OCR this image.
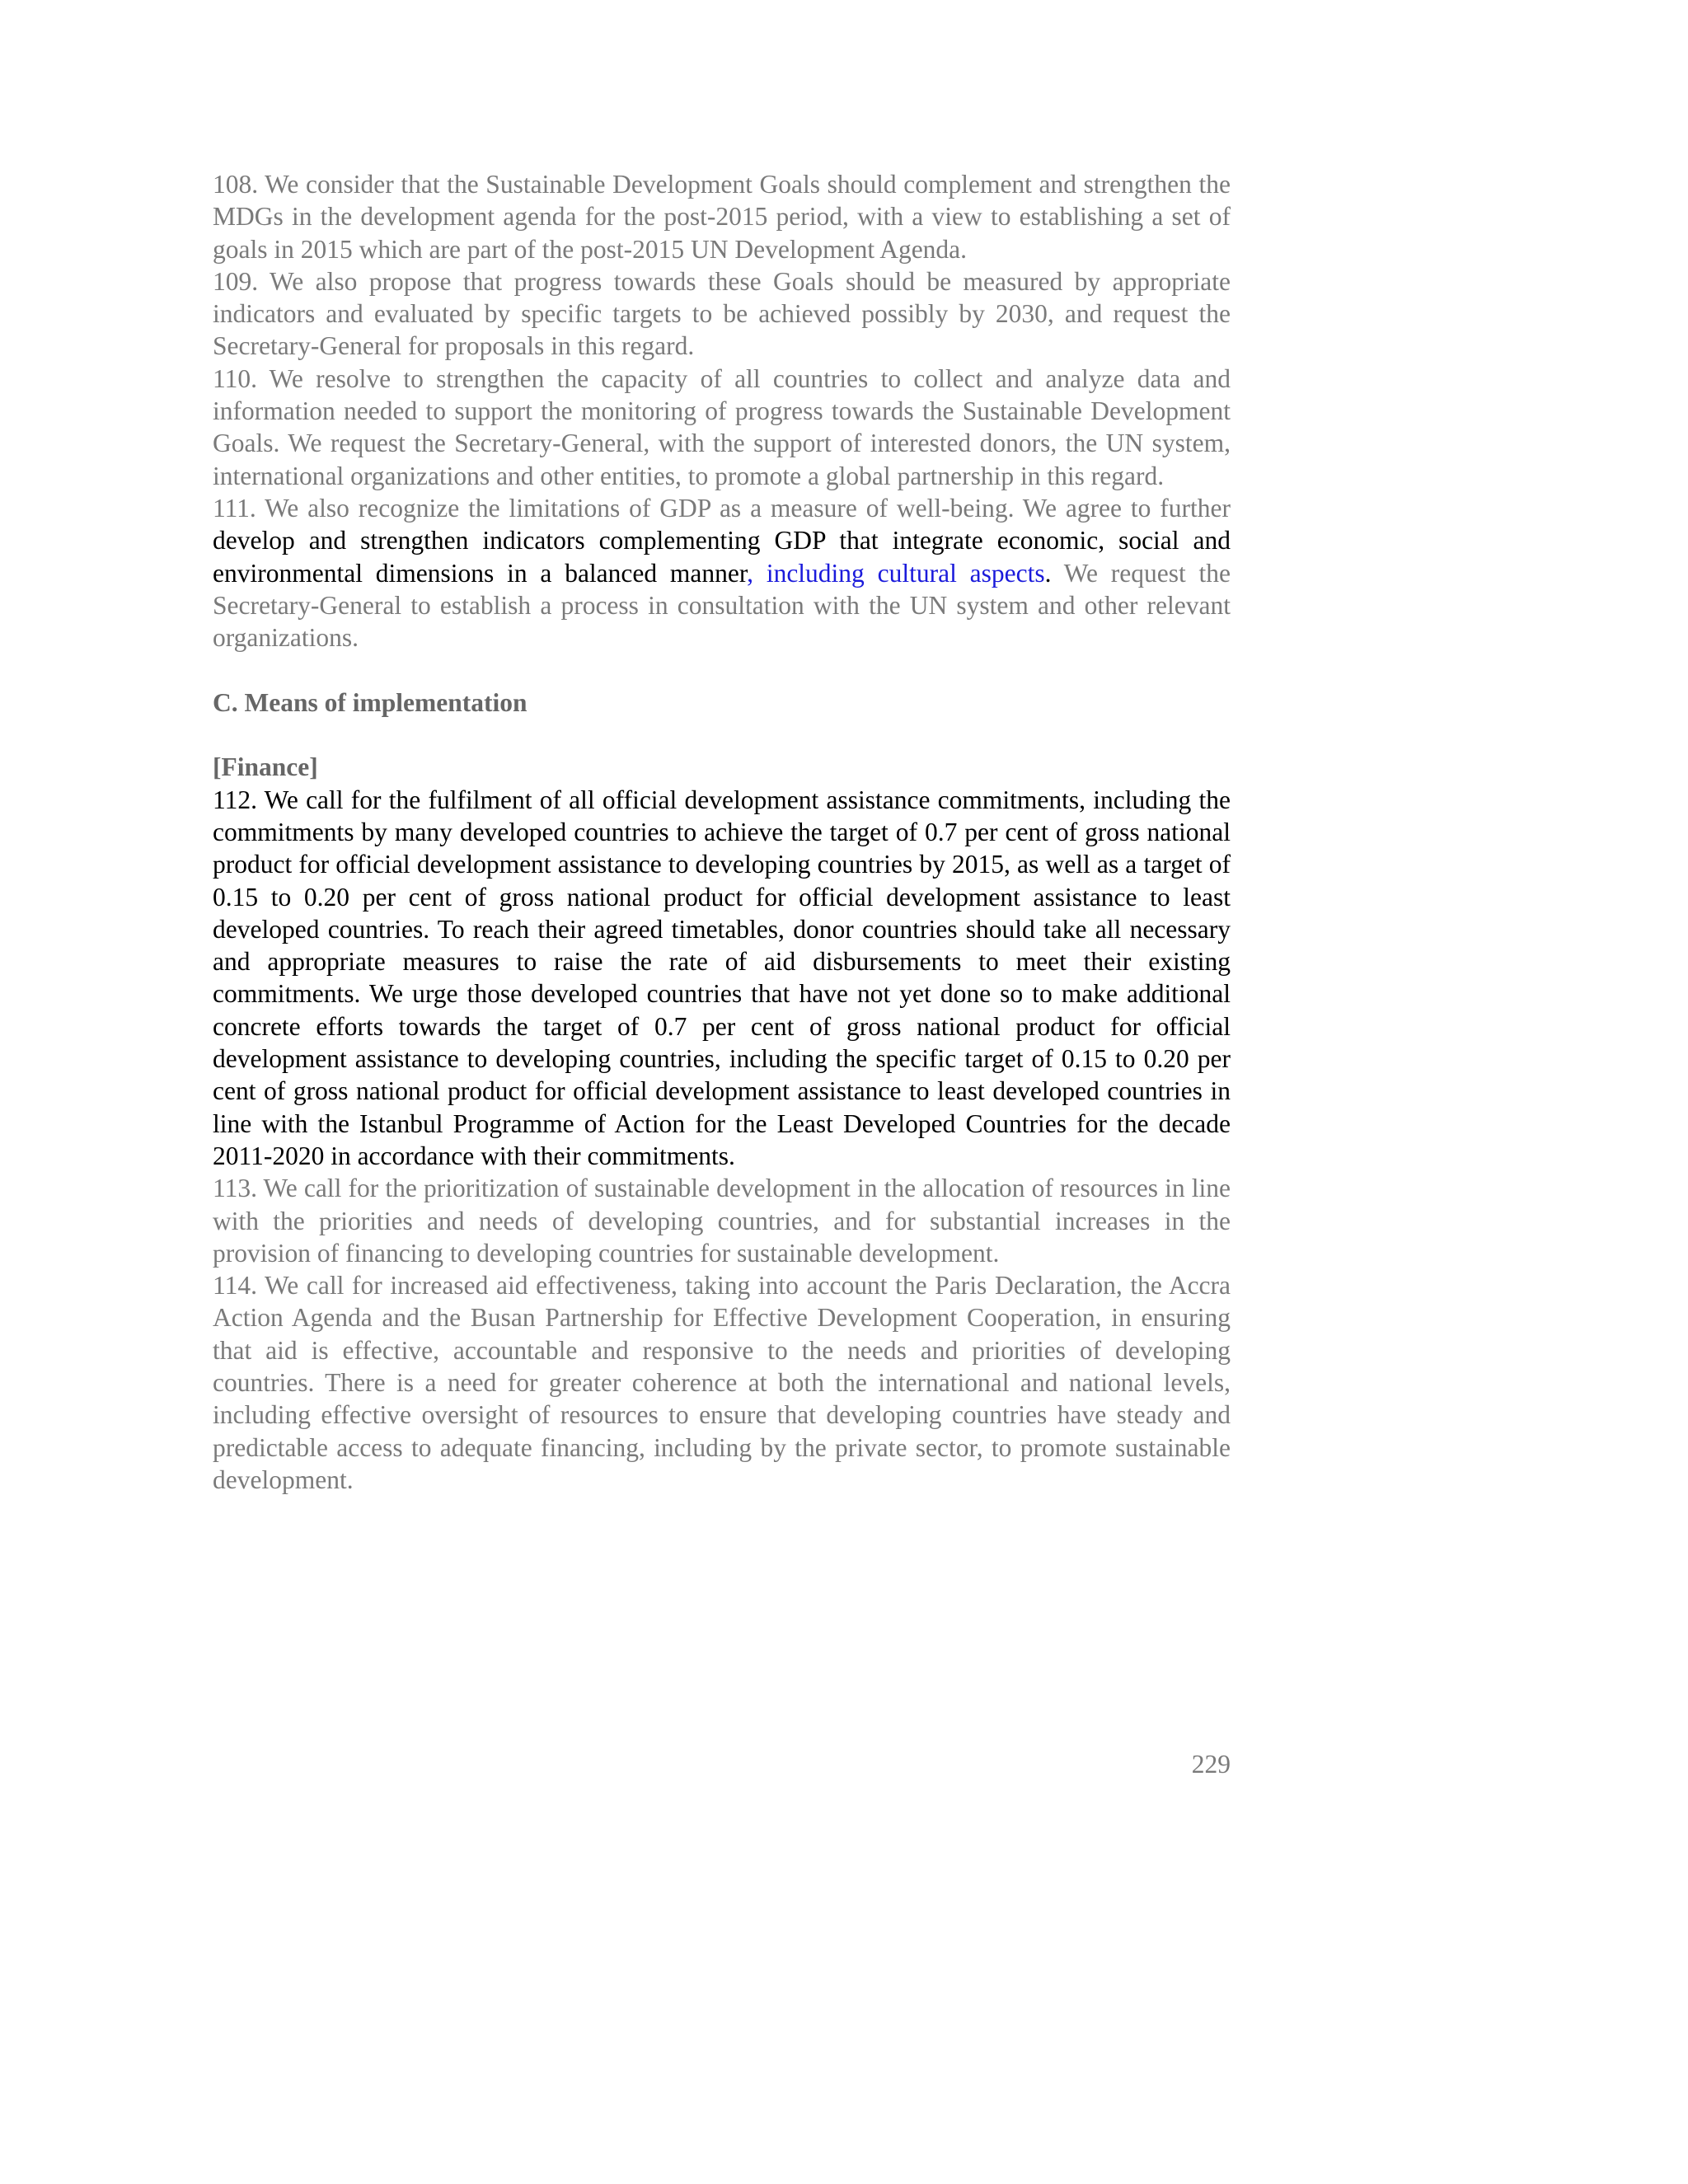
108. We consider that the Sustainable Development Goals should complement and strengthen the MDGs in the development agenda for the post-2015 period, with a view to establishing a set of goals in 2015 which are part of the post-2015 UN Development Agenda.

109. We also propose that progress towards these Goals should be measured by appropriate indicators and evaluated by specific targets to be achieved possibly by 2030, and request the Secretary-General for proposals in this regard.

110. We resolve to strengthen the capacity of all countries to collect and analyze data and information needed to support the monitoring of progress towards the Sustainable Development Goals. We request the Secretary-General, with the support of interested donors, the UN system, international organizations and other entities, to promote a global partnership in this regard.

111. We also recognize the limitations of GDP as a measure of well-being. We agree to further develop and strengthen indicators complementing GDP that integrate economic, social and environmental dimensions in a balanced manner, including cultural aspects. We request the Secretary-General to establish a process in consultation with the UN system and other relevant organizations.

C. Means of implementation

[Finance]

112. We call for the fulfilment of all official development assistance commitments, including the commitments by many developed countries to achieve the target of 0.7 per cent of gross national product for official development assistance to developing countries by 2015, as well as a target of 0.15 to 0.20 per cent of gross national product for official development assistance to least developed countries. To reach their agreed timetables, donor countries should take all necessary and appropriate measures to raise the rate of aid disbursements to meet their existing commitments. We urge those developed countries that have not yet done so to make additional concrete efforts towards the target of 0.7 per cent of gross national product for official development assistance to developing countries, including the specific target of 0.15 to 0.20 per cent of gross national product for official development assistance to least developed countries in line with the Istanbul Programme of Action for the Least Developed Countries for the decade 2011-2020 in accordance with their commitments.

113. We call for the prioritization of sustainable development in the allocation of resources in line with the priorities and needs of developing countries, and for substantial increases in the provision of financing to developing countries for sustainable development.

114. We call for increased aid effectiveness, taking into account the Paris Declaration, the Accra Action Agenda and the Busan Partnership for Effective Development Cooperation, in ensuring that aid is effective, accountable and responsive to the needs and priorities of developing countries. There is a need for greater coherence at both the international and national levels, including effective oversight of resources to ensure that developing countries have steady and predictable access to adequate financing, including by the private sector, to promote sustainable development.

229
